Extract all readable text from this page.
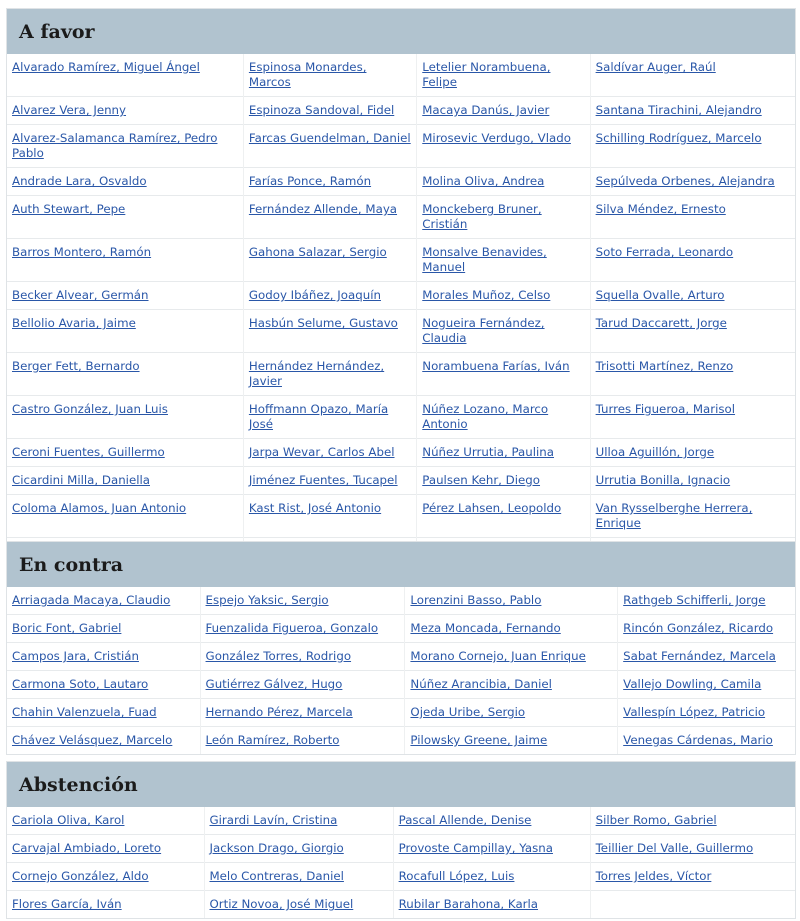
A favor
Alvarado Ramírez, Miguel Ángel	Espinosa Monardes, Marcos	Letelier Norambuena, Felipe	Saldívar Auger, Raúl
Alvarez Vera, Jenny	Espinoza Sandoval, Fidel	Macaya Danús, Javier	Santana Tirachini, Alejandro
Alvarez-Salamanca Ramírez, Pedro Pablo	Farcas Guendelman, Daniel	Mirosevic Verdugo, Vlado	Schilling Rodríguez, Marcelo
Andrade Lara, Osvaldo	Farías Ponce, Ramón	Molina Oliva, Andrea	Sepúlveda Orbenes, Alejandra
Auth Stewart, Pepe	Fernández Allende, Maya	Monckeberg Bruner, Cristián	Silva Méndez, Ernesto
Barros Montero, Ramón	Gahona Salazar, Sergio	Monsalve Benavides, Manuel	Soto Ferrada, Leonardo
Becker Alvear, Germán	Godoy Ibáñez, Joaquín	Morales Muñoz, Celso	Squella Ovalle, Arturo
Bellolio Avaria, Jaime	Hasbún Selume, Gustavo	Nogueira Fernández, Claudia	Tarud Daccarett, Jorge
Berger Fett, Bernardo	Hernández Hernández, Javier	Norambuena Farías, Iván	Trisotti Martínez, Renzo
Castro González, Juan Luis	Hoffmann Opazo, María José	Núñez Lozano, Marco Antonio	Turres Figueroa, Marisol
Ceroni Fuentes, Guillermo	Jarpa Wevar, Carlos Abel	Núñez Urrutia, Paulina	Ulloa Aguillón, Jorge
Cicardini Milla, Daniella	Jiménez Fuentes, Tucapel	Paulsen Kehr, Diego	Urrutia Bonilla, Ignacio
Coloma Alamos, Juan Antonio	Kast Rist, José Antonio	Pérez Lahsen, Leopoldo	Van Rysselberghe Herrera, Enrique

En contra
Arriagada Macaya, Claudio	Espejo Yaksic, Sergio	Lorenzini Basso, Pablo	Rathgeb Schifferli, Jorge
Boric Font, Gabriel	Fuenzalida Figueroa, Gonzalo	Meza Moncada, Fernando	Rincón González, Ricardo
Campos Jara, Cristián	González Torres, Rodrigo	Morano Cornejo, Juan Enrique	Sabat Fernández, Marcela
Carmona Soto, Lautaro	Gutiérrez Gálvez, Hugo	Núñez Arancibia, Daniel	Vallejo Dowling, Camila
Chahin Valenzuela, Fuad	Hernando Pérez, Marcela	Ojeda Uribe, Sergio	Vallespín López, Patricio
Chávez Velásquez, Marcelo	León Ramírez, Roberto	Pilowsky Greene, Jaime	Venegas Cárdenas, Mario
Abstención
Cariola Oliva, Karol	Girardi Lavín, Cristina	Pascal Allende, Denise	Silber Romo, Gabriel
Carvajal Ambiado, Loreto	Jackson Drago, Giorgio	Provoste Campillay, Yasna	Teillier Del Valle, Guillermo
Cornejo González, Aldo	Melo Contreras, Daniel	Rocafull López, Luis	Torres Jeldes, Víctor
Flores García, Iván	Ortiz Novoa, José Miguel	Rubilar Barahona, Karla	
